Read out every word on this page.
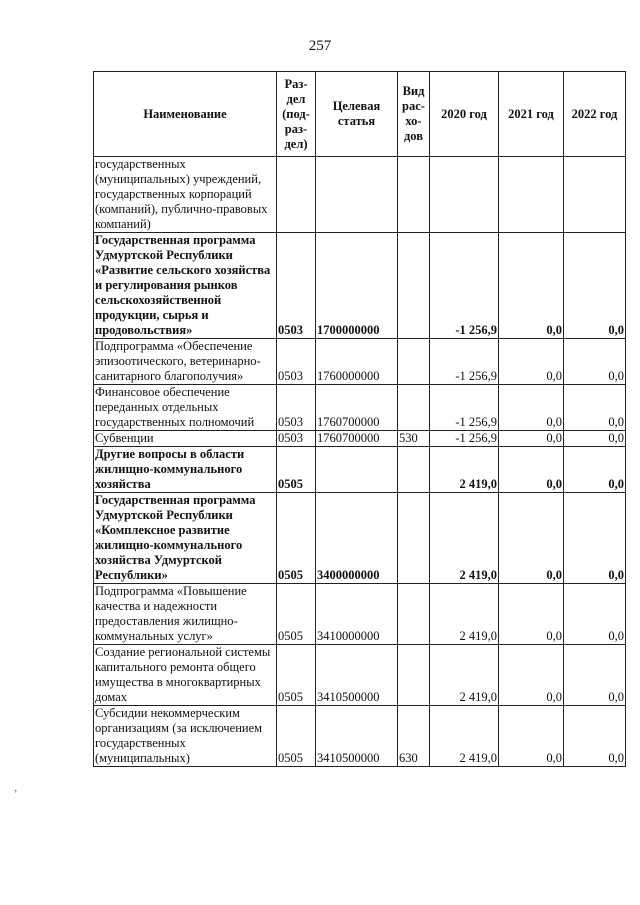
257
Наименование	Раз-дел (под-раз-дел)	Целевая статья	Вид рас-хо-дов	2020 год	2021 год	2022 год
государственных (муниципальных) учреждений, государственных корпораций (компаний), публично-правовых компаний)						
Государственная программа Удмуртской Республики «Развитие сельского хозяйства и регулирования рынков сельскохозяйственной продукции, сырья и продовольствия»	0503	1700000000		-1 256,9	0,0	0,0
Подпрограмма «Обеспечение эпизоотического, ветеринарно-санитарного благополучия»	0503	1760000000		-1 256,9	0,0	0,0
Финансовое обеспечение переданных отдельных государственных полномочий	0503	1760700000		-1 256,9	0,0	0,0
Субвенции	0503	1760700000	530	-1 256,9	0,0	0,0
Другие вопросы в области жилищно-коммунального хозяйства	0505			2 419,0	0,0	0,0
Государственная программа Удмуртской Республики «Комплексное развитие жилищно-коммунального хозяйства Удмуртской Республики»	0505	3400000000		2 419,0	0,0	0,0
Подпрограмма «Повышение качества и надежности предоставления жилищно-коммунальных услуг»	0505	3410000000		2 419,0	0,0	0,0
Создание региональной системы капитального ремонта общего имущества в многоквартирных домах	0505	3410500000		2 419,0	0,0	0,0
Субсидии некоммерческим организациям (за исключением государственных (муниципальных)	0505	3410500000	630	2 419,0	0,0	0,0
‚
